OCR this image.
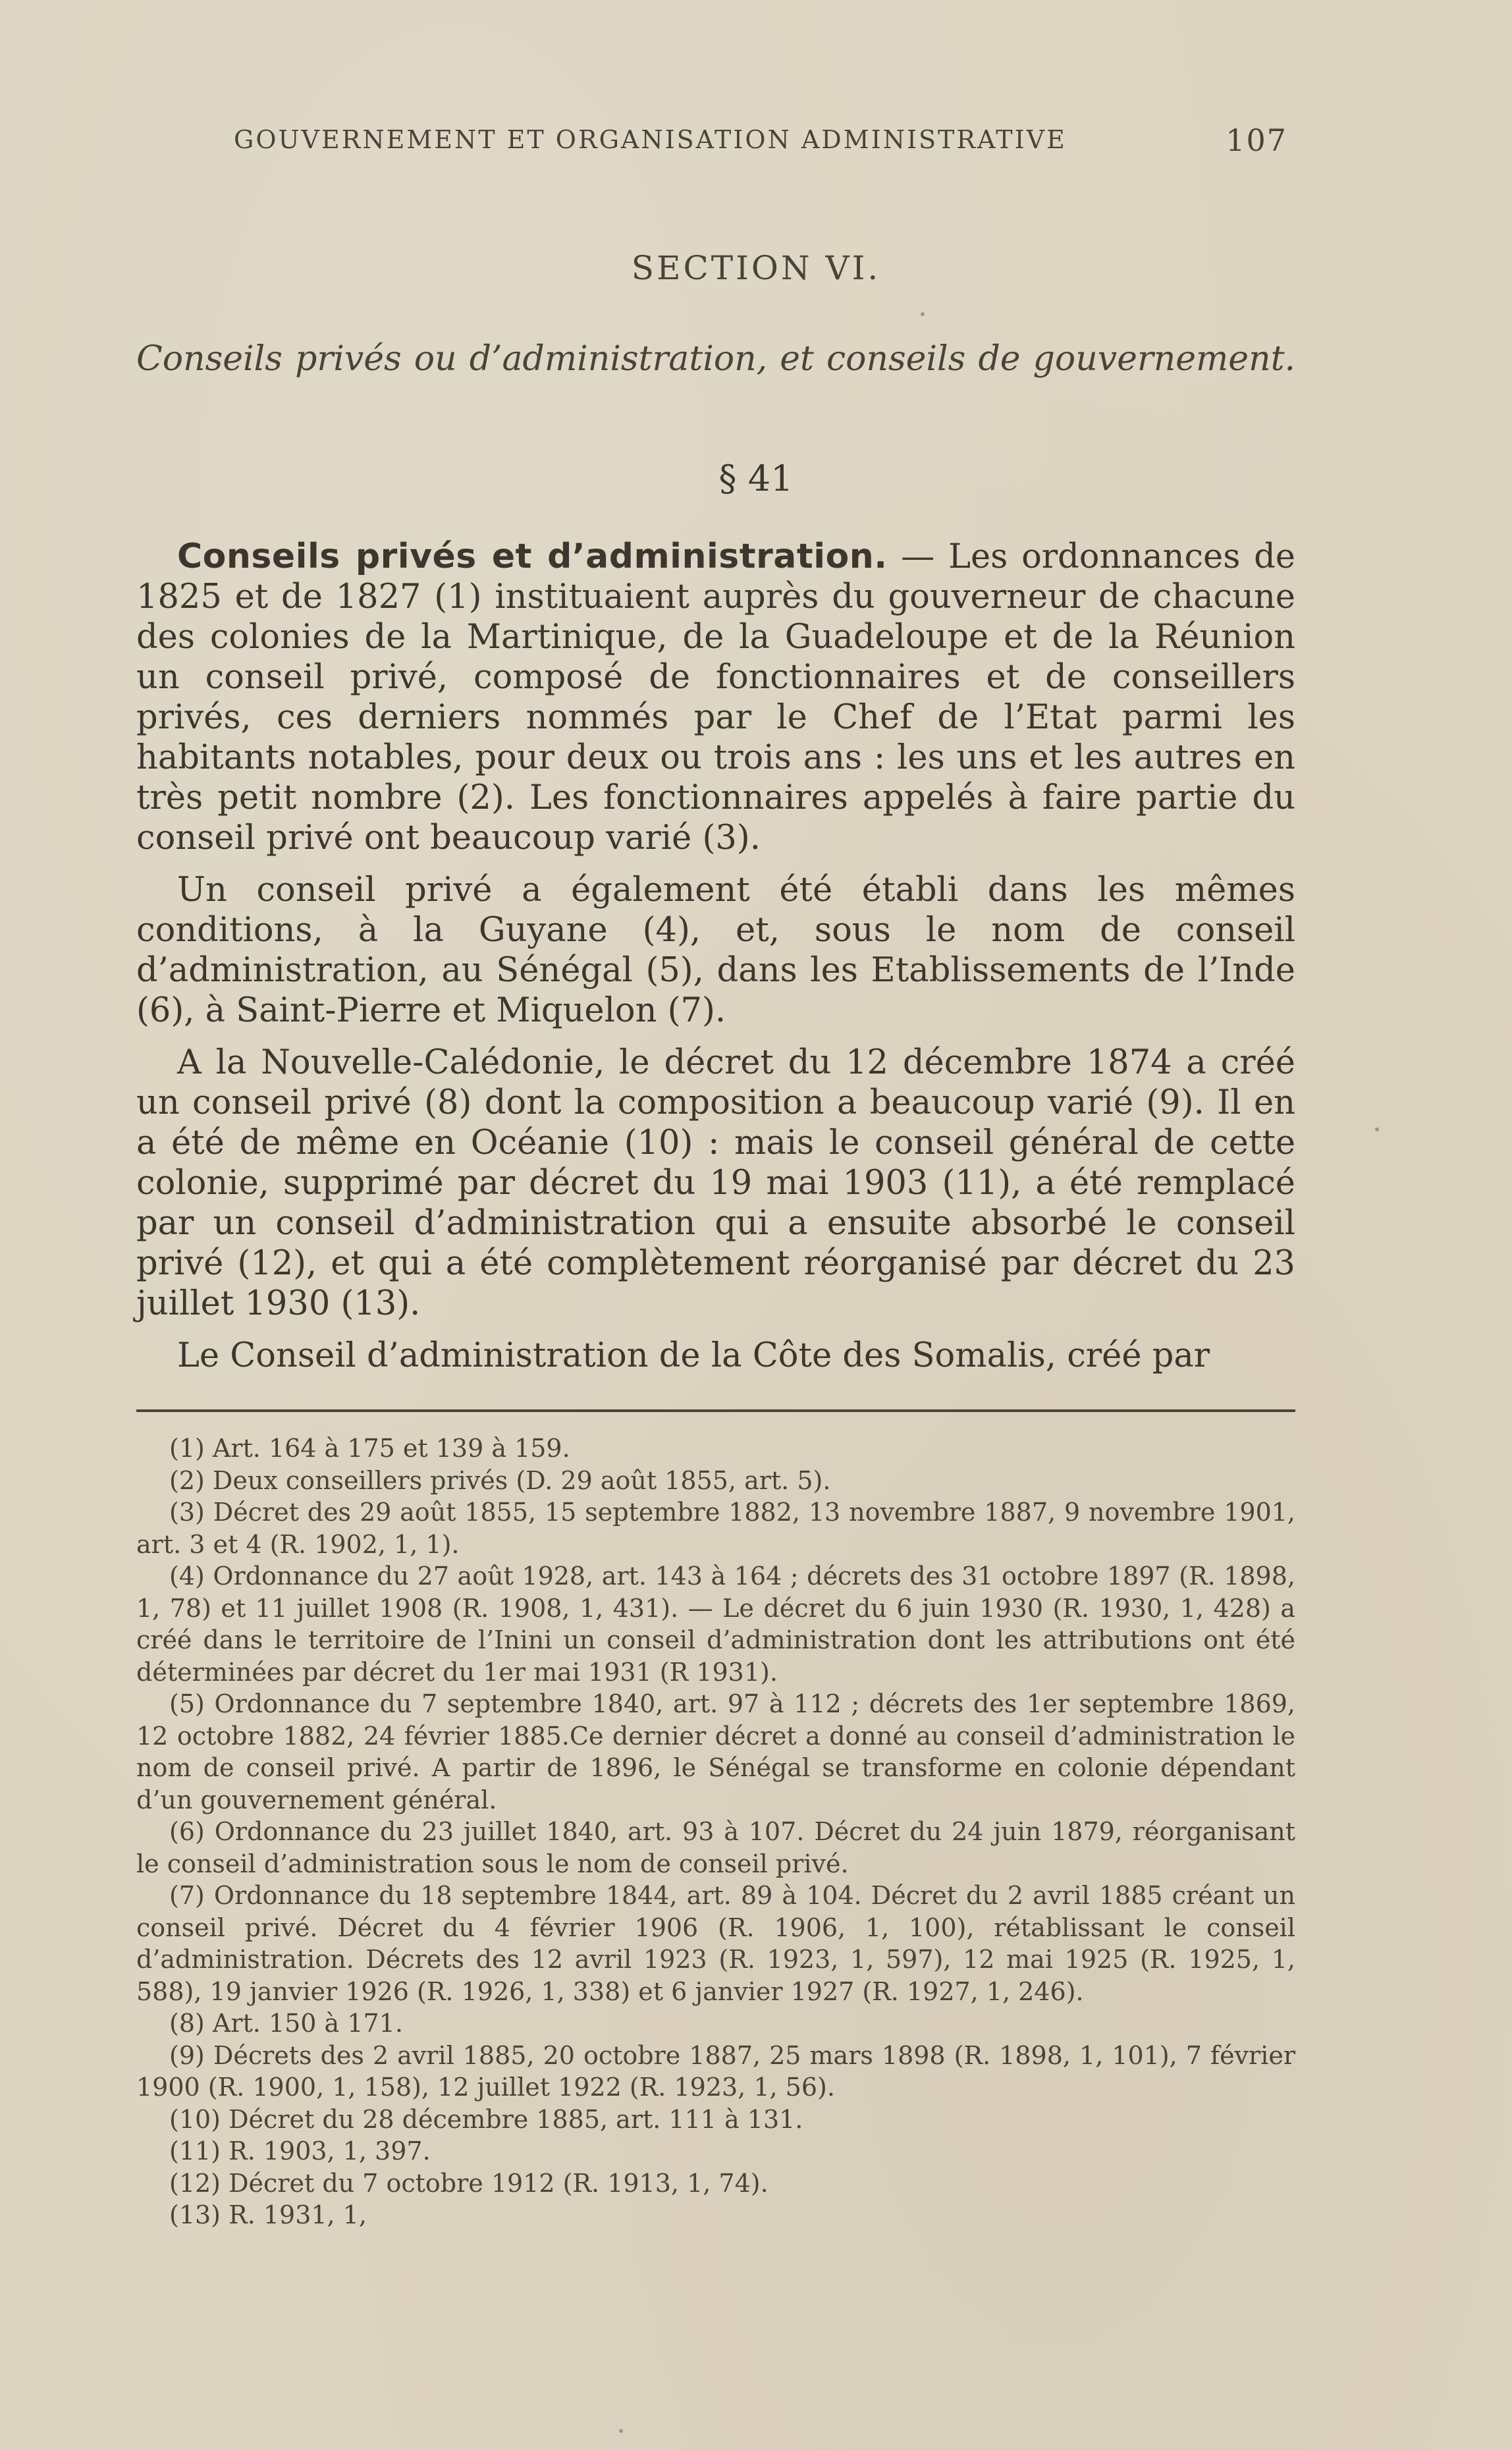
GOUVERNEMENT ET ORGANISATION ADMINISTRATIVE	107
SECTION VI.
Conseils privés ou d’administration, et conseils de gouvernement.
§ 41

Conseils privés et d’administration. — Les ordonnances de 1825 et de 1827 (1) instituaient auprès du gouverneur de chacune des colonies de la Martinique, de la Guadeloupe et de la Réunion un conseil privé, composé de fonctionnaires et de conseillers privés, ces derniers nommés par le Chef de l’Etat parmi les habitants notables, pour deux ou trois ans : les uns et les autres en très petit nombre (2). Les fonctionnaires appelés à faire partie du conseil privé ont beaucoup varié (3).

Un conseil privé a également été établi dans les mêmes conditions, à la Guyane (4), et, sous le nom de conseil d’administration, au Sénégal (5), dans les Etablissements de l’Inde (6), à Saint-Pierre et Miquelon (7).

A la Nouvelle-Calédonie, le décret du 12 décembre 1874 a créé un conseil privé (8) dont la composition a beaucoup varié (9). Il en a été de même en Océanie (10) : mais le conseil général de cette colonie, supprimé par décret du 19 mai 1903 (11), a été remplacé par un conseil d’administration qui a ensuite absorbé le conseil privé (12), et qui a été complètement réorganisé par décret du 23 juillet 1930 (13).

Le Conseil d’administration de la Côte des Somalis, créé par

(1) Art. 164 à 175 et 139 à 159.

(2) Deux conseillers privés (D. 29 août 1855, art. 5).

(3) Décret des 29 août 1855, 15 septembre 1882, 13 novembre 1887, 9 novembre 1901, art. 3 et 4 (R. 1902, 1, 1).

(4) Ordonnance du 27 août 1928, art. 143 à 164 ; décrets des 31 octobre 1897 (R. 1898, 1, 78) et 11 juillet 1908 (R. 1908, 1, 431). — Le décret du 6 juin 1930 (R. 1930, 1, 428) a créé dans le territoire de l’Inini un conseil d’administration dont les attributions ont été déterminées par décret du 1er mai 1931 (R 1931).

(5) Ordonnance du 7 septembre 1840, art. 97 à 112 ; décrets des 1er septembre 1869, 12 octobre 1882, 24 février 1885.Ce dernier décret a donné au conseil d’administration le nom de conseil privé. A partir de 1896, le Sénégal se transforme en colonie dépendant d’un gouvernement général.

(6) Ordonnance du 23 juillet 1840, art. 93 à 107. Décret du 24 juin 1879, réorganisant le conseil d’administration sous le nom de conseil privé.

(7) Ordonnance du 18 septembre 1844, art. 89 à 104. Décret du 2 avril 1885 créant un conseil privé. Décret du 4 février 1906 (R. 1906, 1, 100), rétablissant le conseil d’administration. Décrets des 12 avril 1923 (R. 1923, 1, 597), 12 mai 1925 (R. 1925, 1, 588), 19 janvier 1926 (R. 1926, 1, 338) et 6 janvier 1927 (R. 1927, 1, 246).

(8) Art. 150 à 171.

(9) Décrets des 2 avril 1885, 20 octobre 1887, 25 mars 1898 (R. 1898, 1, 101), 7 février 1900 (R. 1900, 1, 158), 12 juillet 1922 (R. 1923, 1, 56).

(10) Décret du 28 décembre 1885, art. 111 à 131.

(11) R. 1903, 1, 397.

(12) Décret du 7 octobre 1912 (R. 1913, 1, 74).

(13) R. 1931, 1,
